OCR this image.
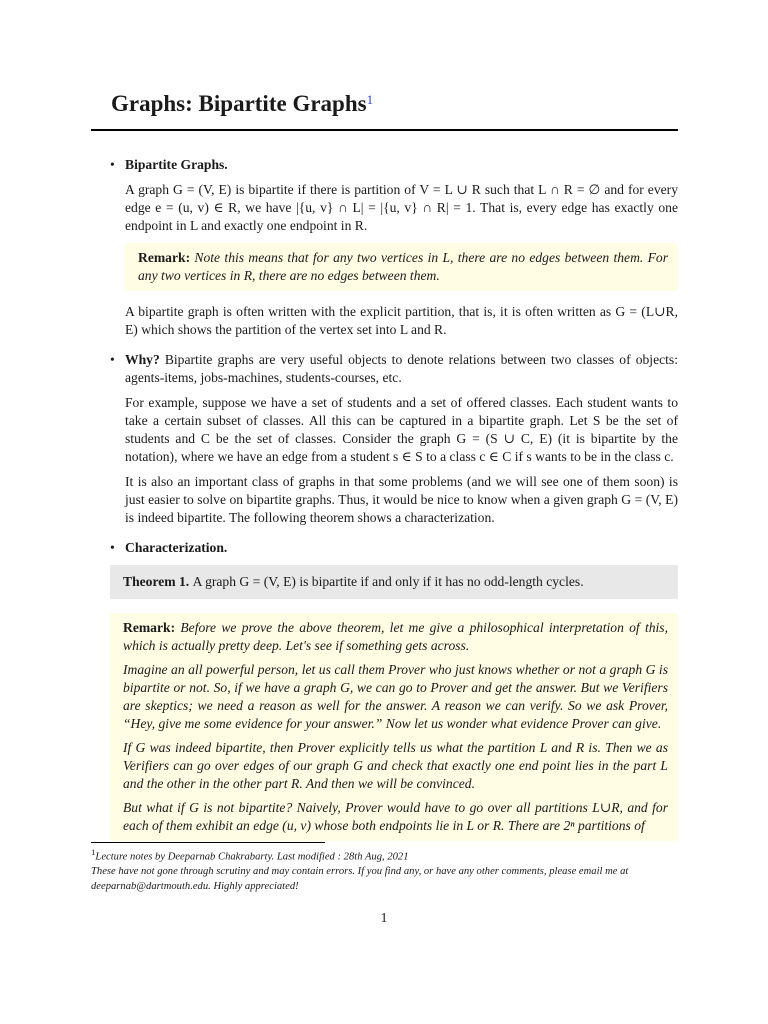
Graphs: Bipartite Graphs$^1$
• Bipartite Graphs.

A graph G = (V, E) is bipartite if there is partition of V = L ∪ R such that L ∩ R = ∅ and for every edge e = (u, v) ∈ R, we have |{u, v} ∩ L| = |{u, v} ∩ R| = 1. That is, every edge has exactly one endpoint in L and exactly one endpoint in R.

Remark: Note this means that for any two vertices in L, there are no edges between them. For any two vertices in R, there are no edges between them.

A bipartite graph is often written with the explicit partition, that is, it is often written as G = (L∪R, E) which shows the partition of the vertex set into L and R.

• Why? Bipartite graphs are very useful objects to denote relations between two classes of objects: agents-items, jobs-machines, students-courses, etc.

For example, suppose we have a set of students and a set of offered classes. Each student wants to take a certain subset of classes. All this can be captured in a bipartite graph. Let S be the set of students and C be the set of classes. Consider the graph G = (S ∪ C, E) (it is bipartite by the notation), where we have an edge from a student s ∈ S to a class c ∈ C if s wants to be in the class c.

It is also an important class of graphs in that some problems (and we will see one of them soon) is just easier to solve on bipartite graphs. Thus, it would be nice to know when a given graph G = (V, E) is indeed bipartite. The following theorem shows a characterization.

• Characterization.
Theorem 1. A graph G = (V, E) is bipartite if and only if it has no odd-length cycles.

Remark: Before we prove the above theorem, let me give a philosophical interpretation of this, which is actually pretty deep. Let's see if something gets across.

Imagine an all powerful person, let us call them Prover who just knows whether or not a graph G is bipartite or not. So, if we have a graph G, we can go to Prover and get the answer. But we Verifiers are skeptics; we need a reason as well for the answer. A reason we can verify. So we ask Prover, “Hey, give me some evidence for your answer.” Now let us wonder what evidence Prover can give.

If G was indeed bipartite, then Prover explicitly tells us what the partition L and R is. Then we as Verifiers can go over edges of our graph G and check that exactly one end point lies in the part L and the other in the other part R. And then we will be convinced.

But what if G is not bipartite? Naively, Prover would have to go over all partitions L∪R, and for each of them exhibit an edge (u, v) whose both endpoints lie in L or R. There are 2ⁿ partitions of

$^1$Lecture notes by Deeparnab Chakrabarty. Last modified : 28th Aug, 2021

These have not gone through scrutiny and may contain errors. If you find any, or have any other comments, please email me at deeparnab@dartmouth.edu. Highly appreciated!

1
